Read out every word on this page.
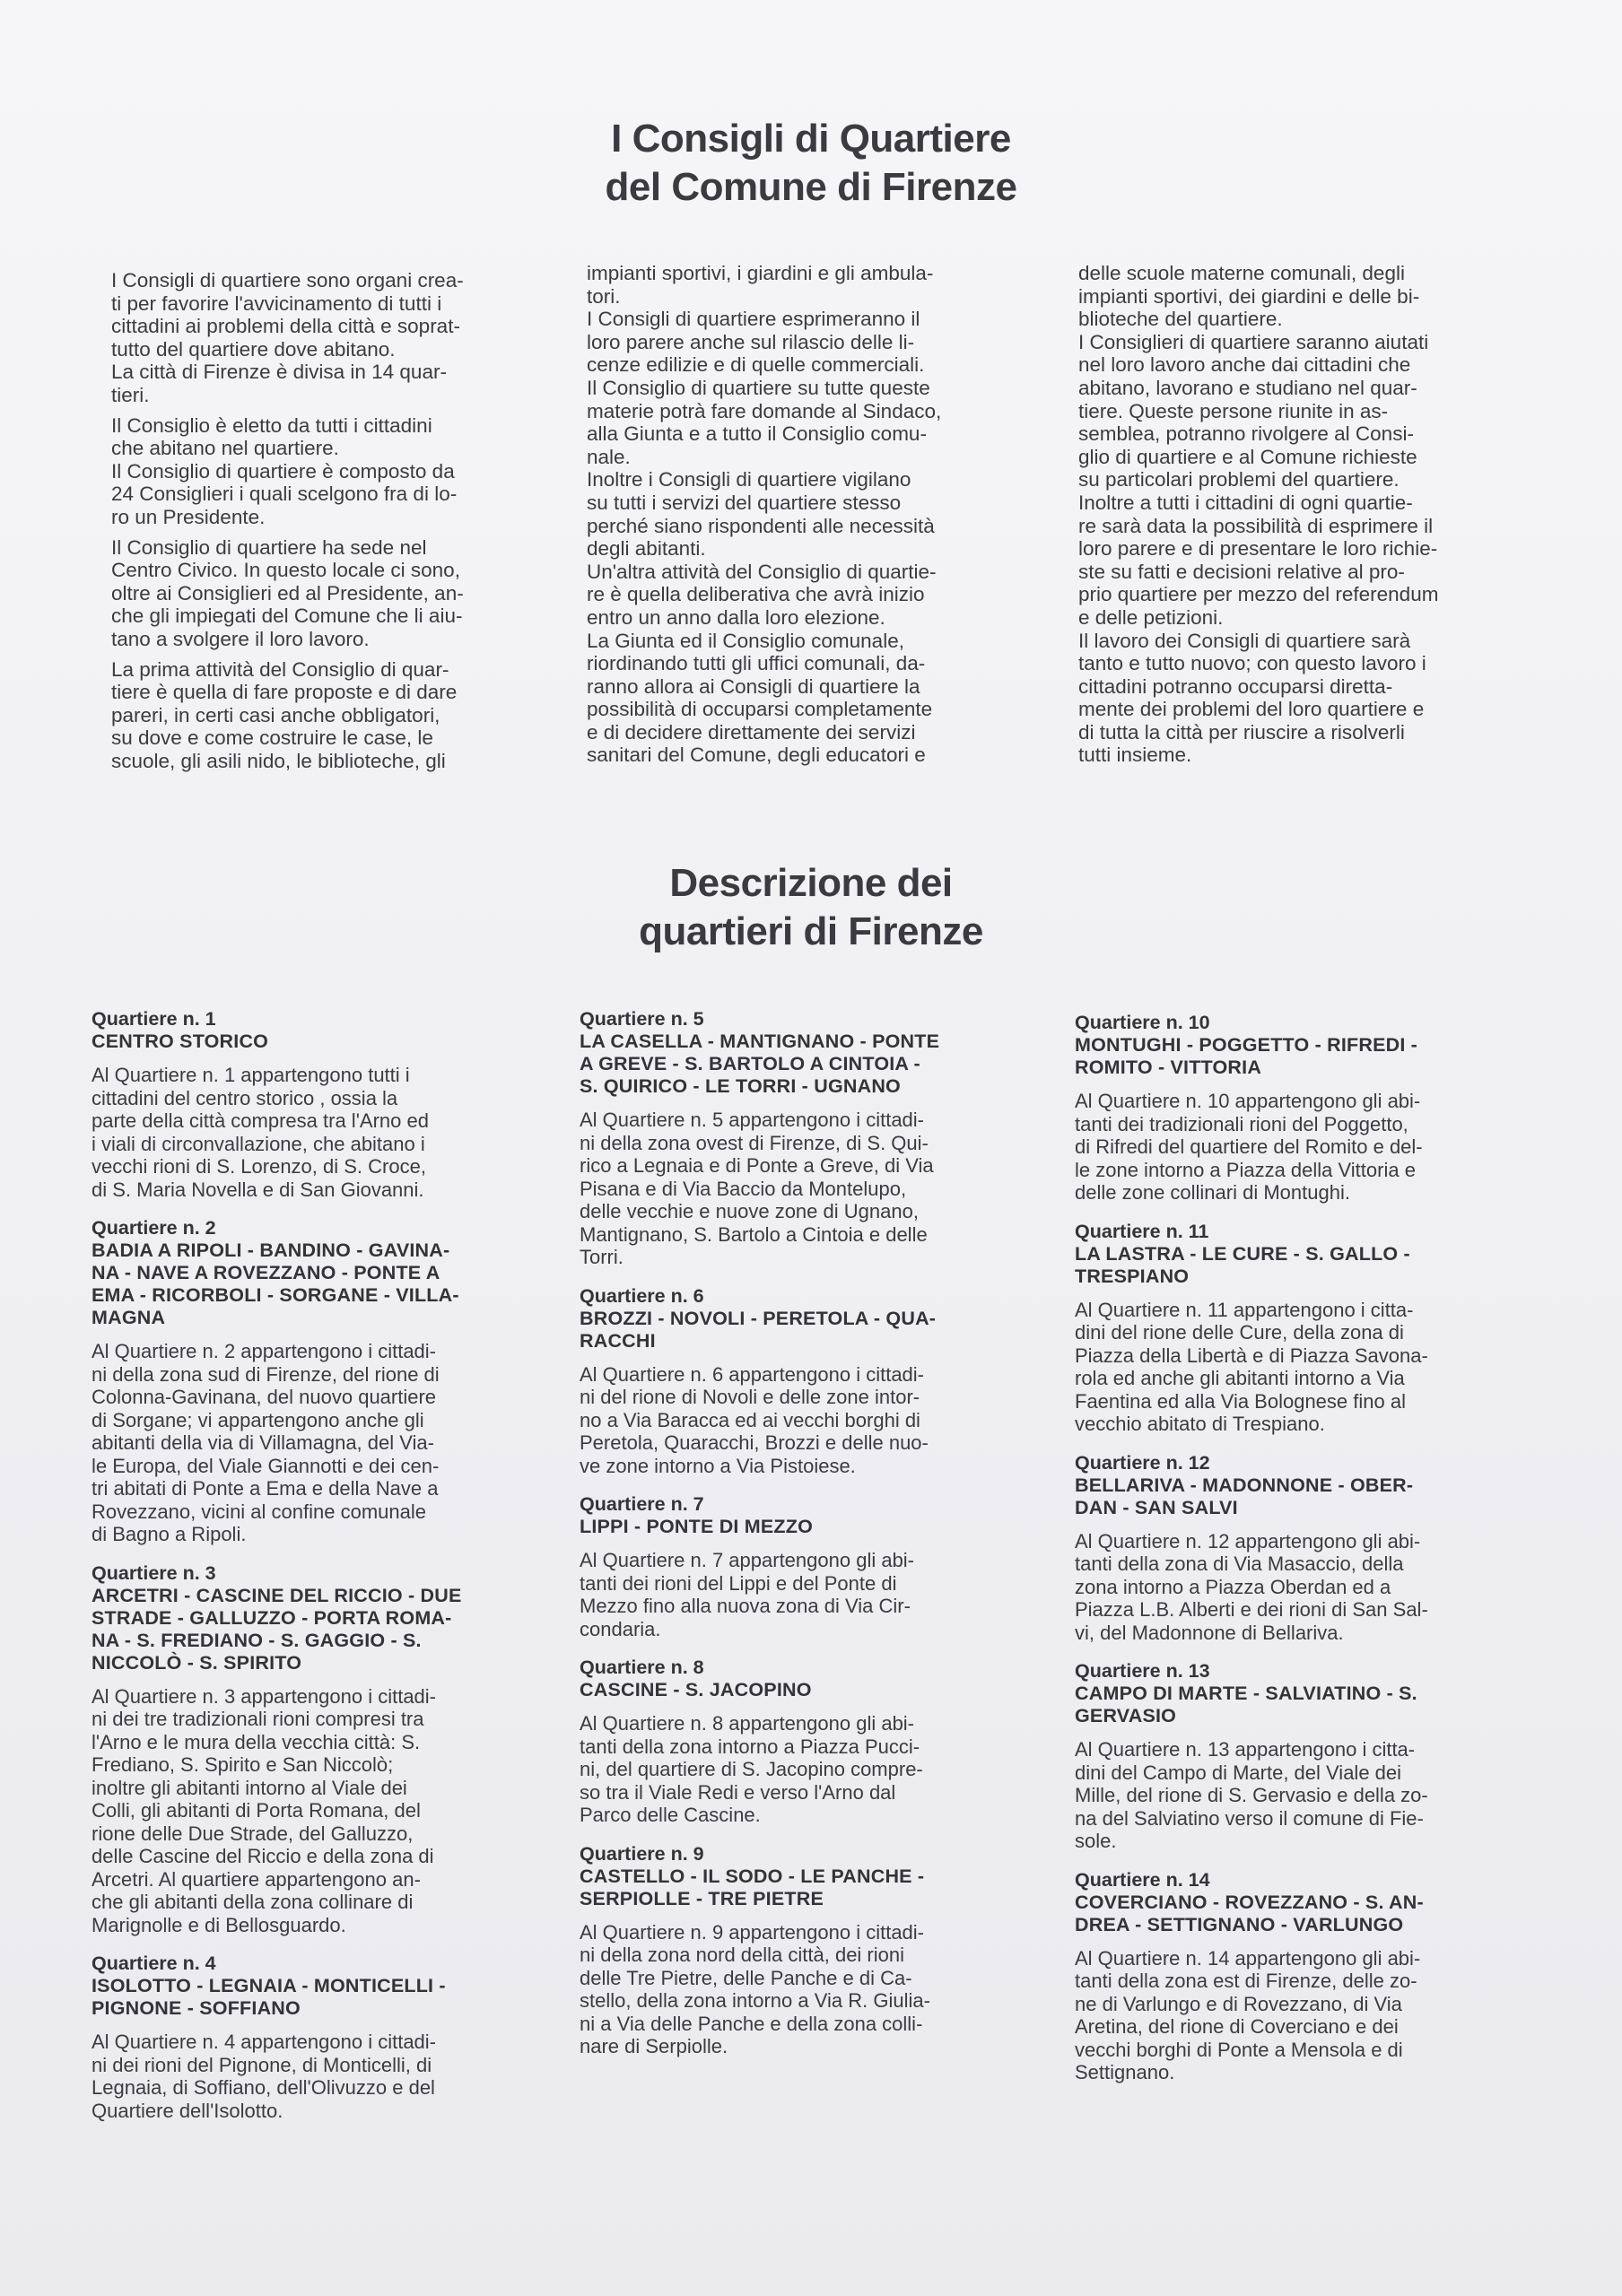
I Consigli di Quartiere
del Comune di Firenze

I Consigli di quartiere sono organi crea-
ti per favorire l'avvicinamento di tutti i
cittadini ai problemi della città e soprat-
tutto del quartiere dove abitano.
La città di Firenze è divisa in 14 quar-
tieri.

Il Consiglio è eletto da tutti i cittadini
che abitano nel quartiere.
Il Consiglio di quartiere è composto da
24 Consiglieri i quali scelgono fra di lo-
ro un Presidente.

Il Consiglio di quartiere ha sede nel
Centro Civico. In questo locale ci sono,
oltre ai Consiglieri ed al Presidente, an-
che gli impiegati del Comune che li aiu-
tano a svolgere il loro lavoro.

La prima attività del Consiglio di quar-
tiere è quella di fare proposte e di dare
pareri, in certi casi anche obbligatori,
su dove e come costruire le case, le
scuole, gli asili nido, le biblioteche, gli

impianti sportivi, i giardini e gli ambula-
tori.
I Consigli di quartiere esprimeranno il
loro parere anche sul rilascio delle li-
cenze edilizie e di quelle commerciali.
Il Consiglio di quartiere su tutte queste
materie potrà fare domande al Sindaco,
alla Giunta e a tutto il Consiglio comu-
nale.
Inoltre i Consigli di quartiere vigilano
su tutti i servizi del quartiere stesso
perché siano rispondenti alle necessità
degli abitanti.
Un'altra attività del Consiglio di quartie-
re è quella deliberativa che avrà inizio
entro un anno dalla loro elezione.
La Giunta ed il Consiglio comunale,
riordinando tutti gli uffici comunali, da-
ranno allora ai Consigli di quartiere la
possibilità di occuparsi completamente
e di decidere direttamente dei servizi
sanitari del Comune, degli educatori e

delle scuole materne comunali, degli
impianti sportivi, dei giardini e delle bi-
blioteche del quartiere.
I Consiglieri di quartiere saranno aiutati
nel loro lavoro anche dai cittadini che
abitano, lavorano e studiano nel quar-
tiere. Queste persone riunite in as-
semblea, potranno rivolgere al Consi-
glio di quartiere e al Comune richieste
su particolari problemi del quartiere.
Inoltre a tutti i cittadini di ogni quartie-
re sarà data la possibilità di esprimere il
loro parere e di presentare le loro richie-
ste su fatti e decisioni relative al pro-
prio quartiere per mezzo del referendum
e delle petizioni.
Il lavoro dei Consigli di quartiere sarà
tanto e tutto nuovo; con questo lavoro i
cittadini potranno occuparsi diretta-
mente dei problemi del loro quartiere e
di tutta la città per riuscire a risolverli
tutti insieme.

Descrizione dei
quartieri di Firenze
Quartiere n. 1
CENTRO STORICO
Al Quartiere n. 1 appartengono tutti i
cittadini del centro storico , ossia la
parte della città compresa tra l'Arno ed
i viali di circonvallazione, che abitano i
vecchi rioni di S. Lorenzo, di S. Croce,
di S. Maria Novella e di San Giovanni.
Quartiere n. 2
BADIA A RIPOLI - BANDINO - GAVINA-
NA - NAVE A ROVEZZANO - PONTE A
EMA - RICORBOLI - SORGANE - VILLA-
MAGNA
Al Quartiere n. 2 appartengono i cittadi-
ni della zona sud di Firenze, del rione di
Colonna-Gavinana, del nuovo quartiere
di Sorgane; vi appartengono anche gli
abitanti della via di Villamagna, del Via-
le Europa, del Viale Giannotti e dei cen-
tri abitati di Ponte a Ema e della Nave a
Rovezzano, vicini al confine comunale
di Bagno a Ripoli.
Quartiere n. 3
ARCETRI - CASCINE DEL RICCIO - DUE
STRADE - GALLUZZO - PORTA ROMA-
NA - S. FREDIANO - S. GAGGIO - S.
NICCOLÒ - S. SPIRITO
Al Quartiere n. 3 appartengono i cittadi-
ni dei tre tradizionali rioni compresi tra
l'Arno e le mura della vecchia città: S.
Frediano, S. Spirito e San Niccolò;
inoltre gli abitanti intorno al Viale dei
Colli, gli abitanti di Porta Romana, del
rione delle Due Strade, del Galluzzo,
delle Cascine del Riccio e della zona di
Arcetri. Al quartiere appartengono an-
che gli abitanti della zona collinare di
Marignolle e di Bellosguardo.
Quartiere n. 4
ISOLOTTO - LEGNAIA - MONTICELLI -
PIGNONE - SOFFIANO
Al Quartiere n. 4 appartengono i cittadi-
ni dei rioni del Pignone, di Monticelli, di
Legnaia, di Soffiano, dell'Olivuzzo e del
Quartiere dell'Isolotto.
Quartiere n. 5
LA CASELLA - MANTIGNANO - PONTE
A GREVE - S. BARTOLO A CINTOIA -
S. QUIRICO - LE TORRI - UGNANO
Al Quartiere n. 5 appartengono i cittadi-
ni della zona ovest di Firenze, di S. Qui-
rico a Legnaia e di Ponte a Greve, di Via
Pisana e di Via Baccio da Montelupo,
delle vecchie e nuove zone di Ugnano,
Mantignano, S. Bartolo a Cintoia e delle
Torri.
Quartiere n. 6
BROZZI - NOVOLI - PERETOLA - QUA-
RACCHI
Al Quartiere n. 6 appartengono i cittadi-
ni del rione di Novoli e delle zone intor-
no a Via Baracca ed ai vecchi borghi di
Peretola, Quaracchi, Brozzi e delle nuo-
ve zone intorno a Via Pistoiese.
Quartiere n. 7
LIPPI - PONTE DI MEZZO
Al Quartiere n. 7 appartengono gli abi-
tanti dei rioni del Lippi e del Ponte di
Mezzo fino alla nuova zona di Via Cir-
condaria.
Quartiere n. 8
CASCINE - S. JACOPINO
Al Quartiere n. 8 appartengono gli abi-
tanti della zona intorno a Piazza Pucci-
ni, del quartiere di S. Jacopino compre-
so tra il Viale Redi e verso l'Arno dal
Parco delle Cascine.
Quartiere n. 9
CASTELLO - IL SODO - LE PANCHE -
SERPIOLLE - TRE PIETRE
Al Quartiere n. 9 appartengono i cittadi-
ni della zona nord della città, dei rioni
delle Tre Pietre, delle Panche e di Ca-
stello, della zona intorno a Via R. Giulia-
ni a Via delle Panche e della zona colli-
nare di Serpiolle.
Quartiere n. 10
MONTUGHI - POGGETTO - RIFREDI -
ROMITO - VITTORIA
Al Quartiere n. 10 appartengono gli abi-
tanti dei tradizionali rioni del Poggetto,
di Rifredi del quartiere del Romito e del-
le zone intorno a Piazza della Vittoria e
delle zone collinari di Montughi.
Quartiere n. 11
LA LASTRA - LE CURE - S. GALLO -
TRESPIANO
Al Quartiere n. 11 appartengono i citta-
dini del rione delle Cure, della zona di
Piazza della Libertà e di Piazza Savona-
rola ed anche gli abitanti intorno a Via
Faentina ed alla Via Bolognese fino al
vecchio abitato di Trespiano.
Quartiere n. 12
BELLARIVA - MADONNONE - OBER-
DAN - SAN SALVI
Al Quartiere n. 12 appartengono gli abi-
tanti della zona di Via Masaccio, della
zona intorno a Piazza Oberdan ed a
Piazza L.B. Alberti e dei rioni di San Sal-
vi, del Madonnone di Bellariva.
Quartiere n. 13
CAMPO DI MARTE - SALVIATINO - S.
GERVASIO
Al Quartiere n. 13 appartengono i citta-
dini del Campo di Marte, del Viale dei
Mille, del rione di S. Gervasio e della zo-
na del Salviatino verso il comune di Fie-
sole.
Quartiere n. 14
COVERCIANO - ROVEZZANO - S. AN-
DREA - SETTIGNANO - VARLUNGO
Al Quartiere n. 14 appartengono gli abi-
tanti della zona est di Firenze, delle zo-
ne di Varlungo e di Rovezzano, di Via
Aretina, del rione di Coverciano e dei
vecchi borghi di Ponte a Mensola e di
Settignano.
